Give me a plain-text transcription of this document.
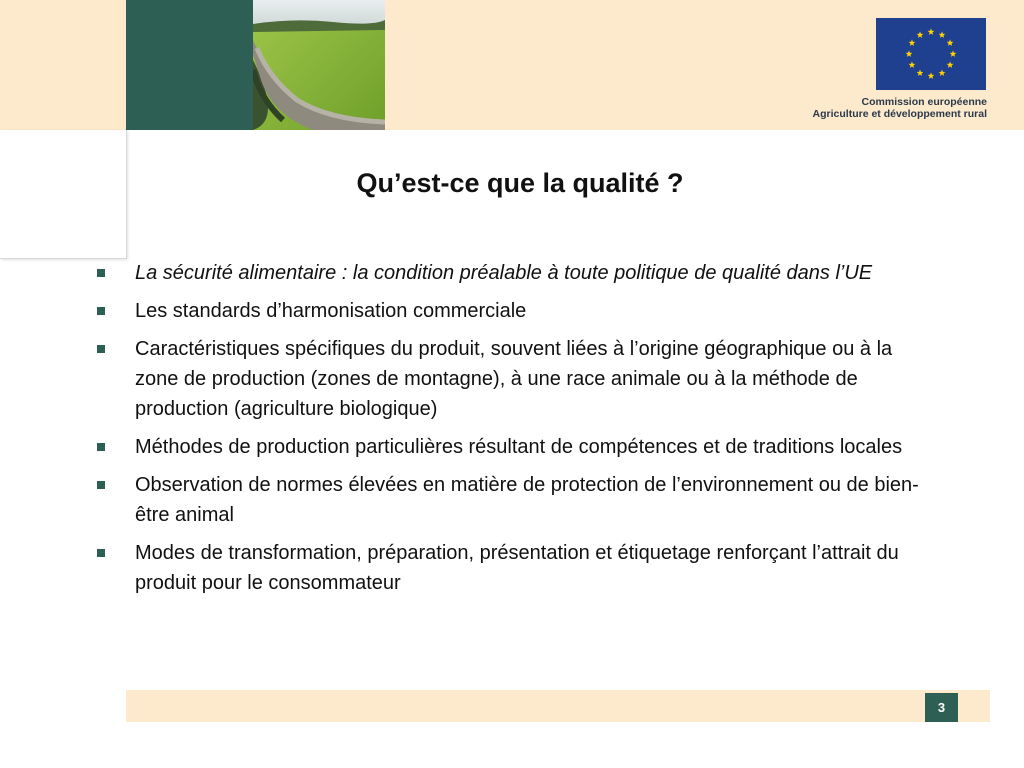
Commission européenne
Agriculture et développement rural
Qu’est-ce que la qualité ?
La sécurité alimentaire : la condition préalable à toute politique de qualité dans l’UE
Les standards d’harmonisation commerciale
Caractéristiques spécifiques du produit, souvent liées à l’origine géographique ou à la zone de production (zones de montagne), à une race animale ou à la méthode de production (agriculture biologique)
Méthodes de production particulières résultant de compétences et de traditions locales
Observation de normes élevées en matière de protection de l’environnement ou de bien-être animal
Modes de transformation, préparation, présentation et étiquetage renforçant l’attrait du produit pour le consommateur
3
